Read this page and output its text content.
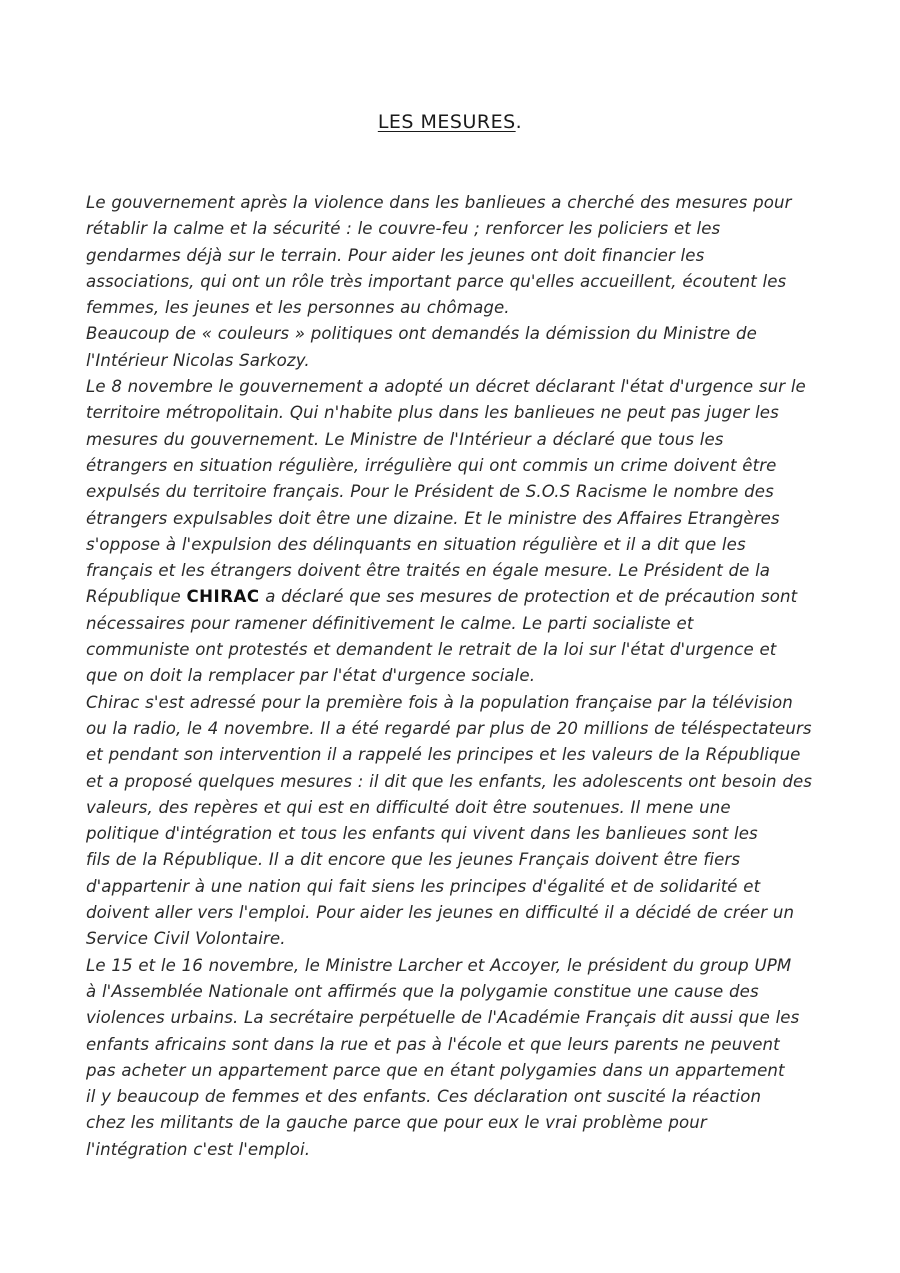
LES MESURES.
Le gouvernement après la violence dans les banlieues a cherché des mesures pour
rétablir la calme et la sécurité : le couvre-feu ; renforcer les policiers et les
gendarmes déjà sur le terrain. Pour aider les jeunes ont doit financier les
associations, qui ont un rôle très important parce qu'elles accueillent, écoutent les
femmes, les jeunes et les personnes au chômage.
Beaucoup de « couleurs » politiques ont demandés la démission du Ministre de
l'Intérieur Nicolas Sarkozy.
Le 8 novembre le gouvernement a adopté un décret déclarant l'état d'urgence sur le
territoire métropolitain. Qui n'habite plus dans les banlieues ne peut pas juger les
mesures du gouvernement. Le Ministre de l'Intérieur a déclaré que tous les
étrangers en situation régulière, irrégulière qui ont commis un crime doivent être
expulsés du territoire français. Pour le Président de S.O.S Racisme le nombre des
étrangers expulsables doit être une dizaine. Et le ministre des Affaires Etrangères
s'oppose à l'expulsion des délinquants en situation régulière et il a dit que les
français et les étrangers doivent être traités en égale mesure. Le Président de la
République CHIRAC a déclaré que ses mesures de protection et de précaution sont
nécessaires pour ramener définitivement le calme. Le parti socialiste et
communiste ont protestés et demandent le retrait de la loi sur l'état d'urgence et
que on doit la remplacer par l'état d'urgence sociale.
Chirac s'est adressé pour la première fois à la population française par la télévision
ou la radio, le 4 novembre. Il a été regardé par plus de 20 millions de téléspectateurs
et pendant son intervention il a rappelé les principes et les valeurs de la République
et a proposé quelques mesures : il dit que les enfants, les adolescents ont besoin des
valeurs, des repères et qui est en difficulté doit être soutenues. Il mene une
politique d'intégration et tous les enfants qui vivent dans les banlieues sont les
fils de la République. Il a dit encore que les jeunes Français doivent être fiers
d'appartenir à une nation qui fait siens les principes d'égalité et de solidarité et
doivent aller vers l'emploi. Pour aider les jeunes en difficulté il a décidé de créer un
Service Civil Volontaire.
Le 15 et le 16 novembre, le Ministre Larcher et Accoyer, le président du group UPM
à l'Assemblée Nationale ont affirmés que la polygamie constitue une cause des
violences urbains. La secrétaire perpétuelle de l'Académie Français dit aussi que les
enfants africains sont dans la rue et pas à l'école et que leurs parents ne peuvent
pas acheter un appartement parce que en étant polygamies dans un appartement
il y beaucoup de femmes et des enfants. Ces déclaration ont suscité la réaction
chez les militants de la gauche parce que pour eux le vrai problème pour
l'intégration c'est l'emploi.
